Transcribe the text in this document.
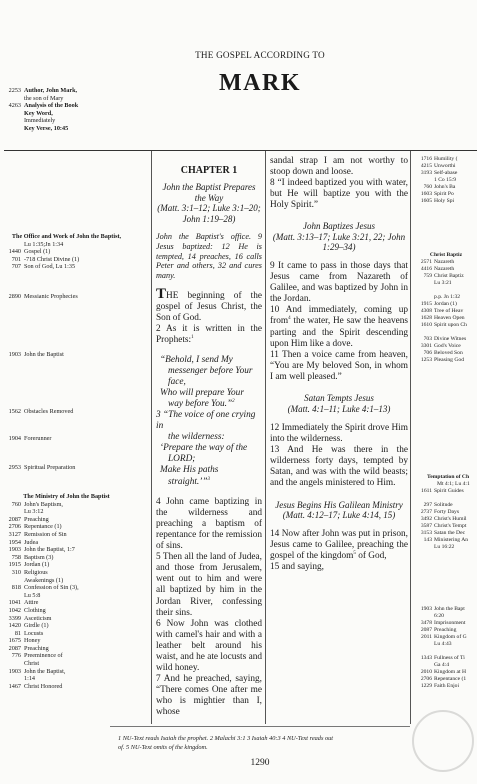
THE GOSPEL ACCORDING TO
MARK
2253 Author, John Mark,
the son of Mary
4263 Analysis of the Book
Key Word,
Immediately
Key Verse, 10:45
The Office and Work of John the Baptist,
Lu 1:35;Jn 1:34
1440 Gospel (1)
701 -718 Christ Divine (1)
707 Son of God, Lu 1:35
2890 Messianic Prophecies
1903 John the Baptist
1562 Obstacles Removed
1904 Forerunner
2953 Spiritual Preparation
The Ministry of John the Baptist
760 John's Baptism,
Lu 3:12
2087 Preaching
2706 Repentance (1)
3127 Remission of Sin
1954 Judea
1903 John the Baptist, 1:7
758 Baptism (3)
1915 Jordan (1)
310 Religious
Awakenings (1)
818 Confession of Sin (3),
Lu 5:8
1041 Attire
1042 Clothing
3399 Asceticism
1420 Girdle (1)
81 Locusts
1675 Honey
2087 Preaching
776 Preeminence of
Christ
1903 John the Baptist,
1:14
1467 Christ Honored
CHAPTER 1
John the Baptist Prepares the Way
(Matt. 3:1–12; Luke 3:1–20; John 1:19–28)
John the Baptist's office. 9 Jesus baptized: 12 He is tempted, 14 preaches, 16 calls Peter and others, 32 and cures many.

THE beginning of the gospel of Jesus Christ, the Son of God.

2 As it is written in the Prophets:$^1$

“Behold, I send My
messenger before Your
face,
Who will prepare Your
way before You.”$^2$
3 “The voice of one crying in
the wilderness:
‘Prepare the way of the
LORD;
Make His paths
straight.’”$^3$

4 John came baptizing in the wilderness and preaching a baptism of repentance for the remission of sins.

5 Then all the land of Judea, and those from Jerusalem, went out to him and were all baptized by him in the Jordan River, confessing their sins.

6 Now John was clothed with camel's hair and with a leather belt around his waist, and he ate locusts and wild honey.

7 And he preached, saying, “There comes One after me who is mightier than I, whose

sandal strap I am not worthy to stoop down and loose.

8 “I indeed baptized you with water, but He will baptize you with the Holy Spirit.”

John Baptizes Jesus
(Matt. 3:13–17; Luke 3:21, 22; John 1:29–34)

9 It came to pass in those days that Jesus came from Nazareth of Galilee, and was baptized by John in the Jordan.

10 And immediately, coming up from$^4$ the water, He saw the heavens parting and the Spirit descending upon Him like a dove.

11 Then a voice came from heaven, “You are My beloved Son, in whom I am well pleased.”

Satan Tempts Jesus
(Matt. 4:1–11; Luke 4:1–13)

12 Immediately the Spirit drove Him into the wilderness.

13 And He was there in the wilderness forty days, tempted by Satan, and was with the wild beasts; and the angels ministered to Him.

Jesus Begins His Galilean Ministry
(Matt. 4:12–17; Luke 4:14, 15)

14 Now after John was put in prison, Jesus came to Galilee, preaching the gospel of the kingdom$^5$ of God,

15 and saying,

1716 Humility (
4215 Unworthi
3193 Self-abase
1 Co 15:9
760 John's Ba
1603 Spirit Po
1605 Holy Spi
Christ Baptiz
2571 Nazareth
4416 Nazareth
759 Christ Baptiz
Lu 3:21

p.p. Jn 1:32
1915 Jordan (1)
4308 Tree of Heav
1628 Heaven Open
1610 Spirit upon Ch

703 Divine Witnes
3301 God's Voice
706 Beloved Son
1253 Pleasing God
Temptation of Ch
Mt 4:1; Lu 4:1
1611 Spirit Guides

297 Solitude
2737 Forty Days
3492 Christ's Humil
3587 Christ's Tempt
3153 Satan the Dec
143 Ministering An
Lu 16:22
1903 John the Bapt
6:20
3478 Imprisonment
2087 Preaching
2011 Kingdom of G
Lu 4:43

1343 Fullness of Ti
Ga 4:4
2010 Kingdom at H
2706 Repentance (1
1229 Faith Enjoi
1 NU-Text reads Isaiah the prophet. 2 Malachi 3:1 3 Isaiah 40:3 4 NU-Text reads out
of. 5 NU-Text omits of the kingdom.
1290
